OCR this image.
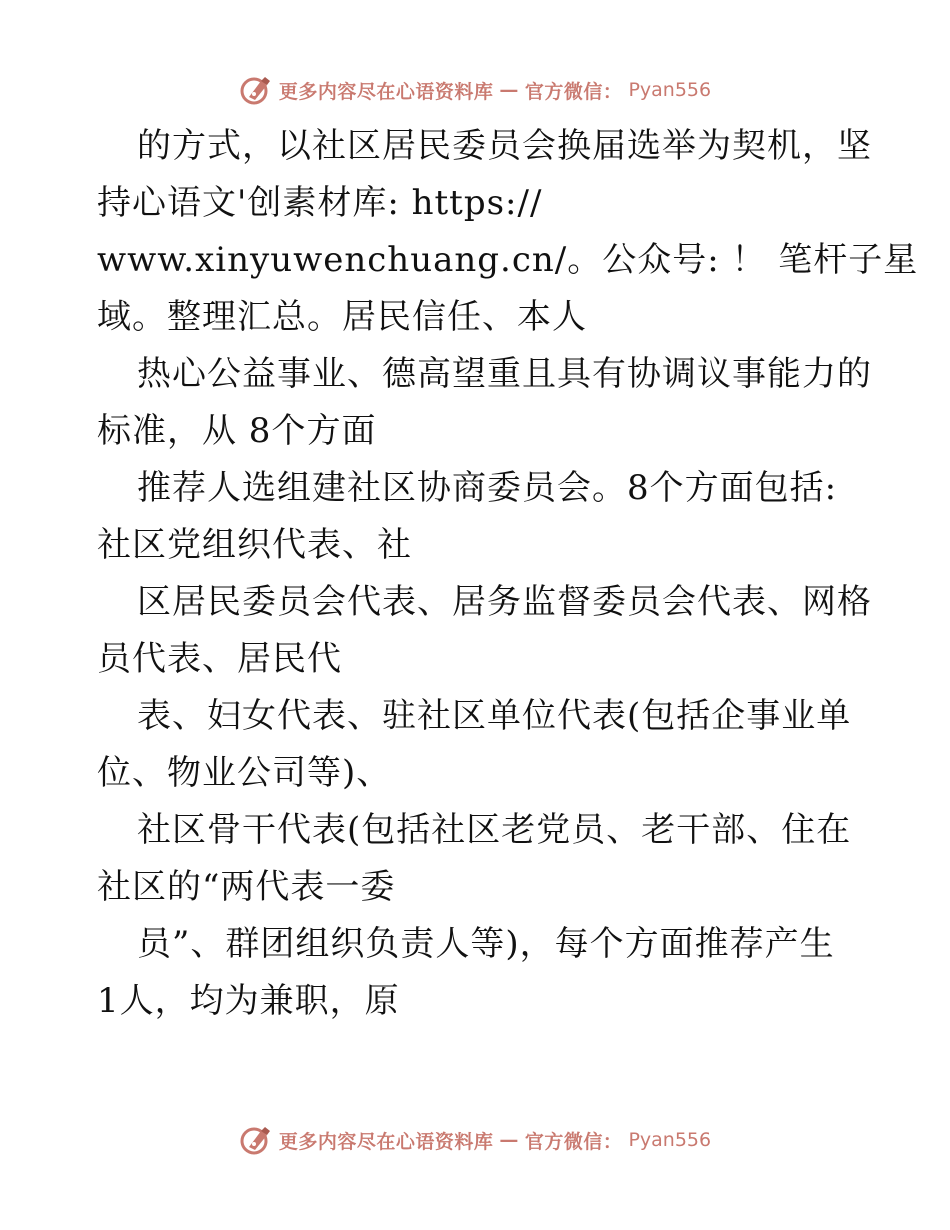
更多内容尽在心语资料库 — 官方微信： Pyan556
的方式，以社区居民委员会换届选举为契机，坚
持心语文'创素材库: https://
www.xinyuwenchuang.cn/。公众号: ！ 笔杆子星
域。整理汇总。居民信任、本人
热心公益事业、德高望重且具有协调议事能力的
标准，从 8个方面
推荐人选组建社区协商委员会。8个方面包括:
社区党组织代表、社
区居民委员会代表、居务监督委员会代表、网格
员代表、居民代
表、妇女代表、驻社区单位代表(包括企事业单
位、物业公司等)、
社区骨干代表(包括社区老党员、老干部、住在
社区的“两代表一委
员”、群团组织负责人等)，每个方面推荐产生
1人，均为兼职，原
更多内容尽在心语资料库 — 官方微信： Pyan556
